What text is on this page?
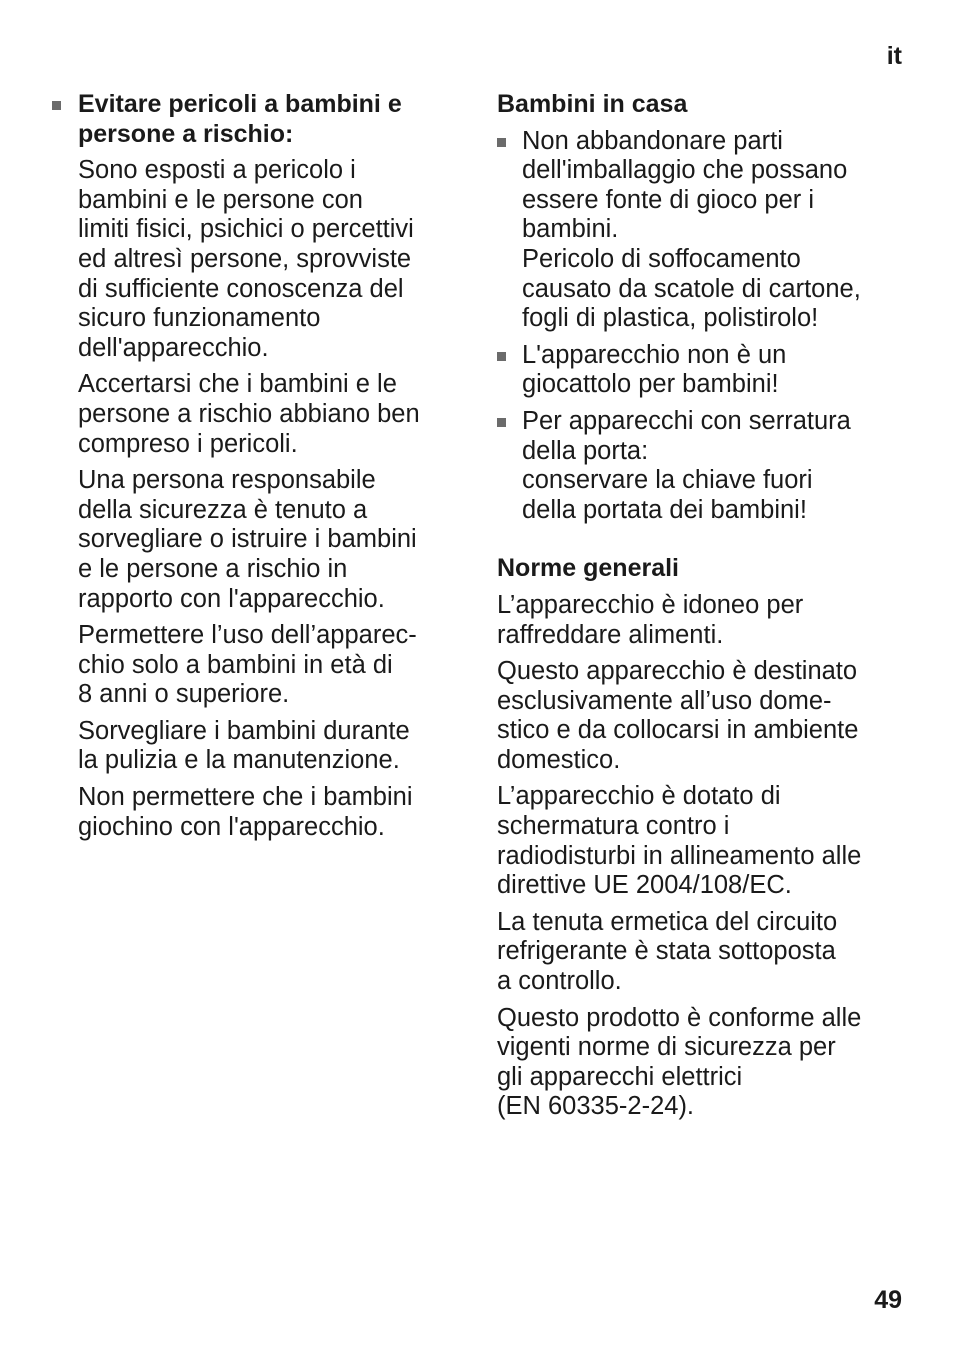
it
Evitare pericoli a bambini e
persone a rischio:

Sono esposti a pericolo i
bambini e le persone con
limiti fisici, psichici o percettivi
ed altresì persone, sprovviste
di sufficiente conoscenza del
sicuro funzionamento
dell'apparecchio.

Accertarsi che i bambini e le
persone a rischio abbiano ben
compreso i pericoli.

Una persona responsabile
della sicurezza è tenuto a
sorvegliare o istruire i bambini
e le persone a rischio in
rapporto con l'apparecchio.

Permettere l’uso dell’apparec-
chio solo a bambini in età di
8 anni o superiore.

Sorvegliare i bambini durante
la pulizia e la manutenzione.

Non permettere che i bambini
giochino con l'apparecchio.

Bambini in casa

Non abbandonare parti
dell'imballaggio che possano
essere fonte di gioco per i
bambini.
Pericolo di soffocamento
causato da scatole di cartone,
fogli di plastica, polistirolo!

L'apparecchio non è un
giocattolo per bambini!

Per apparecchi con serratura
della porta:
conservare la chiave fuori
della portata dei bambini!

Norme generali

L’apparecchio è idoneo per
raffreddare alimenti.

Questo apparecchio è destinato
esclusivamente all’uso dome-
stico e da collocarsi in ambiente
domestico.

L’apparecchio è dotato di
schermatura contro i
radiodisturbi in allineamento alle
direttive UE 2004/108/EC.

La tenuta ermetica del circuito
refrigerante è stata sottoposta
a controllo.

Questo prodotto è conforme alle
vigenti norme di sicurezza per
gli apparecchi elettrici
(EN 60335-2-24).

49
